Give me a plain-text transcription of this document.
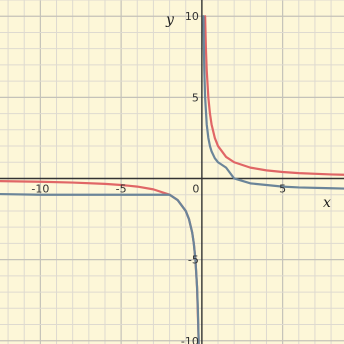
-10	-5	0	5
-10
-5
5
10
x
y
